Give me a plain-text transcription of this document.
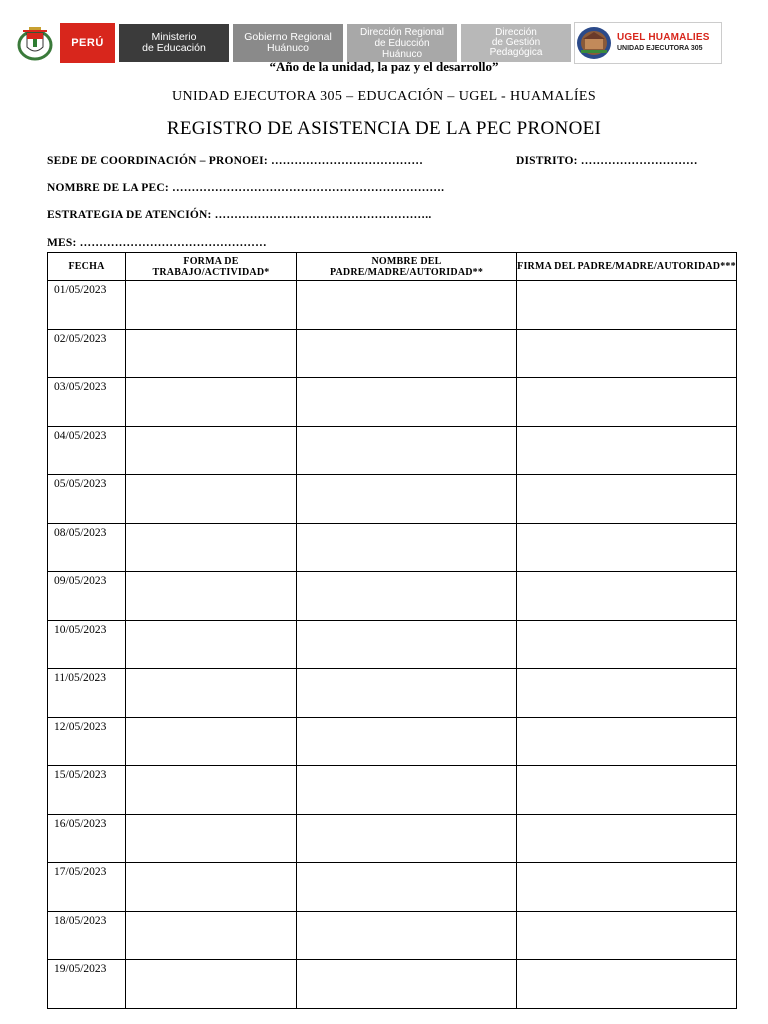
PERÚ	Ministerio
de Educación
Gobierno Regional
Huánuco
Dirección Regional
de Educción
Huánuco
Dirección
de Gestión
Pedagógica
UGEL HUAMALIES
UNIDAD EJECUTORA 305
“Año de la unidad, la paz y el desarrollo”
UNIDAD EJECUTORA 305 – EDUCACIÓN – UGEL - HUAMALÍES
REGISTRO DE ASISTENCIA DE LA PEC PRONOEI
SEDE DE COORDINACIÓN – PRONOEI: …………………………………	DISTRITO: …………………………
NOMBRE DE LA PEC: …………………………………………………………….
ESTRATEGIA DE ATENCIÓN: ………………………………………………..
MES: …………………………………………
FECHA	FORMA DE TRABAJO/ACTIVIDAD*	NOMBRE DEL PADRE/MADRE/AUTORIDAD**	FIRMA DEL PADRE/MADRE/AUTORIDAD***

01/05/2023			

02/05/2023			

03/05/2023			

04/05/2023			

05/05/2023			

08/05/2023			

09/05/2023			

10/05/2023			

11/05/2023			

12/05/2023			

15/05/2023			

16/05/2023			

17/05/2023			

18/05/2023			

19/05/2023			
